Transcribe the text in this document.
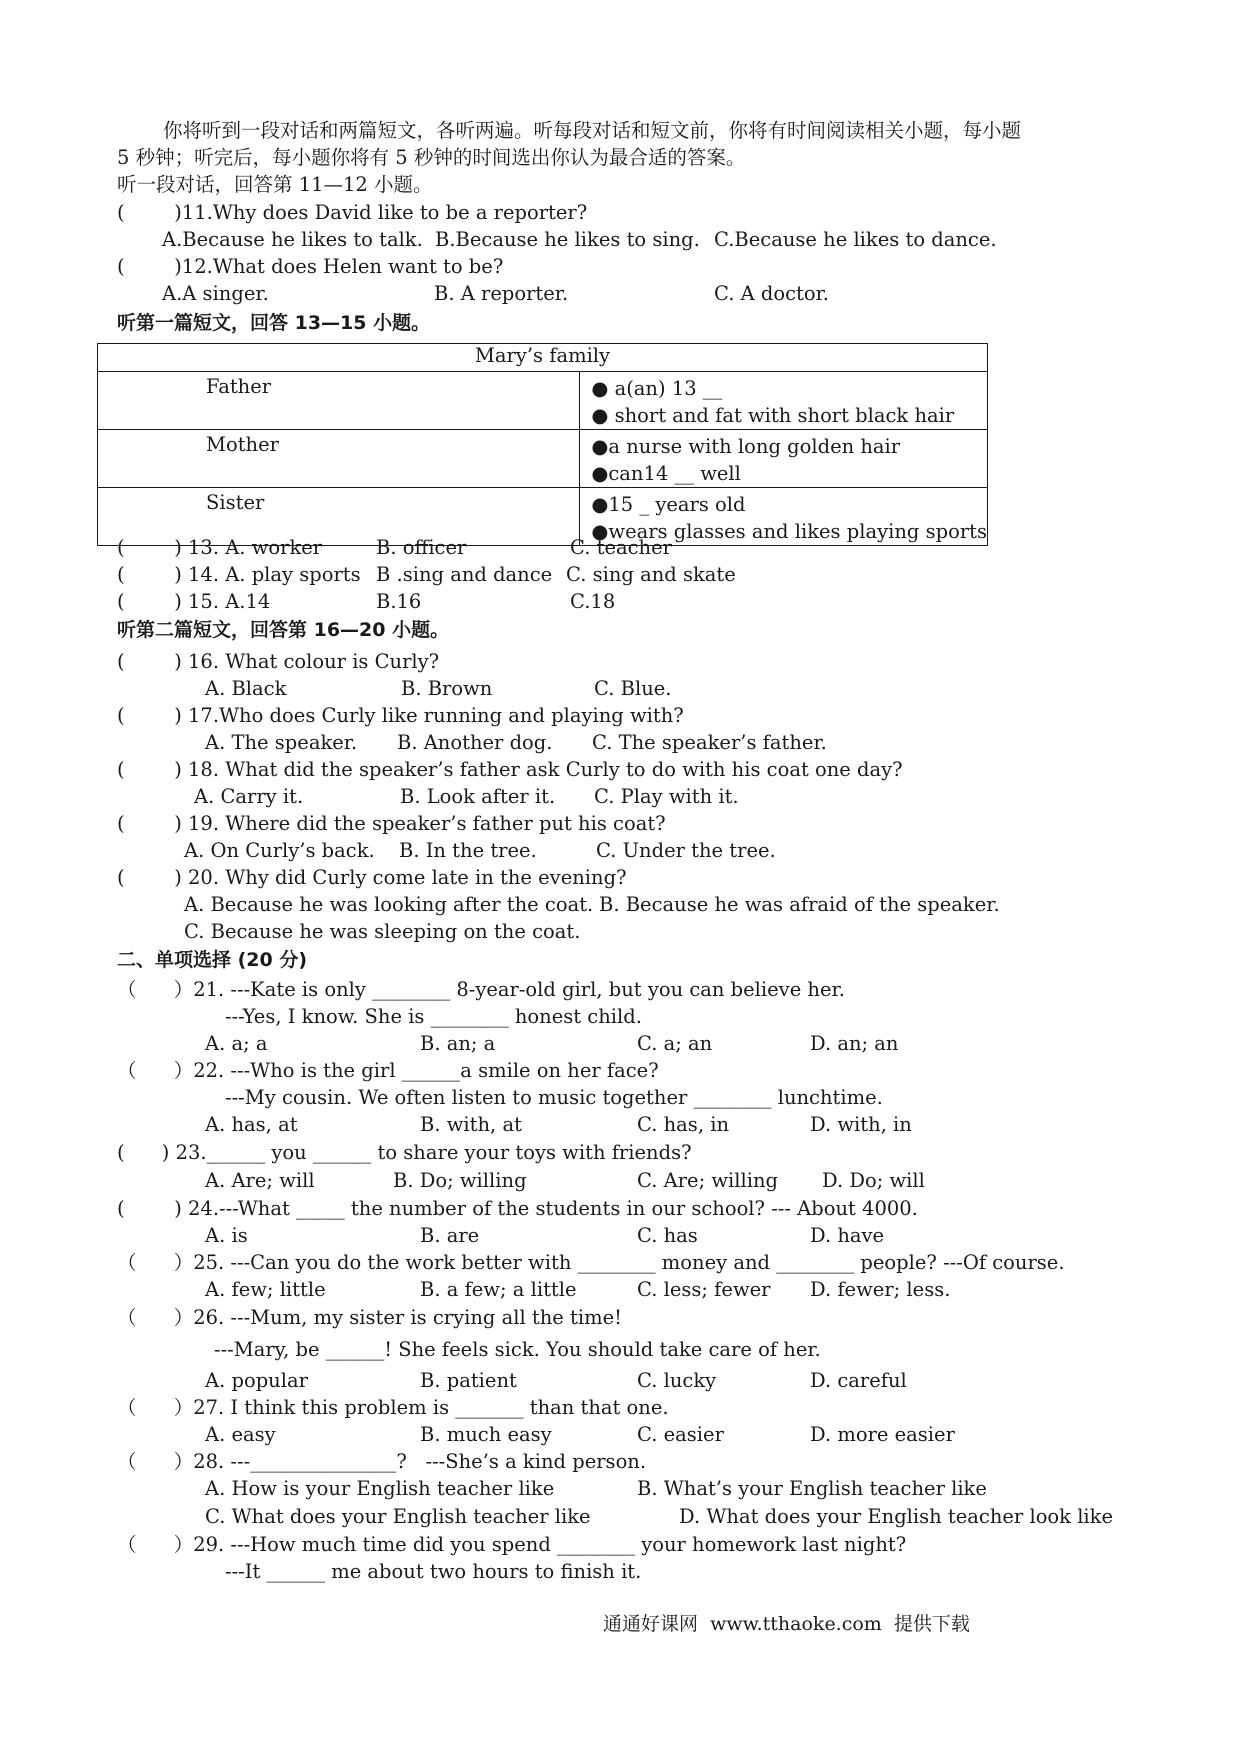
你将听到一段对话和两篇短文，各听两遍。听每段对话和短文前，你将有时间阅读相关小题，每小题
5 秒钟；听完后，每小题你将有 5 秒钟的时间选出你认为最合适的答案。
听一段对话，回答第 11—12 小题。
(        )11.Why does David like to be a reporter?
A.Because he likes to talk. B.Because he likes to sing. C.Because he likes to dance.
(        )12.What does Helen want to be?
A.A singer.	B. A reporter.	C. A doctor.
听第一篇短文，回答 13—15 小题。
Mary’s family	
Father	● a(an) 13 __
● short and fat with short black hair

Mother	●a nurse with long golden hair
●can14 __ well

Sister	●15 _ years old
●wears glasses and likes playing sports
(        ) 13. A. worker	B. officer	C. teacher
(        ) 14. A. play sports B .sing and dance C. sing and skate
(        ) 15. A.14	B.16	C.18
听第二篇短文，回答第 16—20 小题。
(        ) 16. What colour is Curly?
A. Black	B. Brown	C. Blue.
(        ) 17.Who does Curly like running and playing with?
A. The speaker. B. Another dog. C. The speaker’s father.
(        ) 18. What did the speaker’s father ask Curly to do with his coat one day?
A. Carry it.	B. Look after it. C. Play with it.
(        ) 19. Where did the speaker’s father put his coat?
A. On Curly’s back. B. In the tree.	C. Under the tree.
(        ) 20. Why did Curly come late in the evening?
A. Because he was looking after the coat. B. Because he was afraid of the speaker.
C. Because he was sleeping on the coat.
二、单项选择 (20 分)
（      ）21. ---Kate is only ________ 8-year-old girl, but you can believe her.
---Yes, I know. She is ________ honest child.
A. a; a	B. an; a	C. a; an	D. an; an
（      ）22. ---Who is the girl ______a smile on her face?
---My cousin. We often listen to music together ________ lunchtime.
A. has, at	B. with, at	C. has, in	D. with, in
(      ) 23.______ you ______ to share your toys with friends?
A. Are; will	B. Do; willing	C. Are; willing D. Do; will
(        ) 24.---What _____ the number of the students in our school? --- About 4000.
A. is	B. are	C. has	D. have
（      ）25. ---Can you do the work better with ________ money and ________ people? ---Of course.
A. few; little	B. a few; a little	C. less; fewer D. fewer; less.
（      ）26. ---Mum, my sister is crying all the time!
---Mary, be ______! She feels sick. You should take care of her.
A. popular	B. patient	C. lucky	D. careful
（      ）27. I think this problem is _______ than that one.
A. easy	B. much easy	C. easier	D. more easier
（      ）28. ---_______________?   ---She’s a kind person.
A. How is your English teacher like	B. What’s your English teacher like
C. What does your English teacher like	D. What does your English teacher look like
（      ）29. ---How much time did you spend ________ your homework last night?
---It ______ me about two hours to finish it.
通通好课网  www.tthaoke.com  提供下载
